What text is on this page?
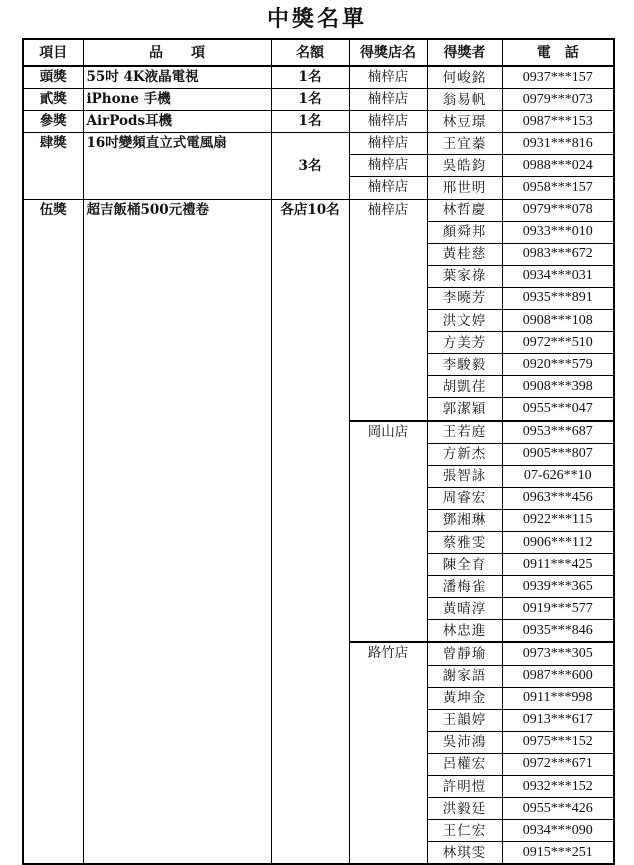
中獎名單
項目	品　　項	名額	得獎店名	得獎者	電　話
頭獎	55吋 4K液晶電視	1名	楠梓店	何峻銘	0937***157
貳獎	iPhone 手機	1名	楠梓店	翁易帆	0979***073
參獎	AirPods耳機	1名	楠梓店	林豆璟	0987***153
肆獎	16吋變頻直立式電風扇	3名	楠梓店	王宜蓁	0931***816
			楠梓店	吳皓鈞	0988***024
			楠梓店	邢世明	0958***157
伍獎	超吉飯桶500元禮卷	各店10名	楠梓店	林哲慶	0979***078
				顏舜邦	0933***010
				黃桂慈	0983***672
				葉家祿	0934***031
				李曉芳	0935***891
				洪文婷	0908***108
				方美芳	0972***510
				李駿毅	0920***579
				胡凱荏	0908***398
				郭潔穎	0955***047
			岡山店	王若庭	0953***687
				方新杰	0905***807
				張智詠	07-626**10
				周睿宏	0963***456
				鄧湘琳	0922***115
				蔡雅雯	0906***112
				陳全育	0911***425
				潘梅雀	0939***365
				黃晴淳	0919***577
				林忠進	0935***846
			路竹店	曾靜瑜	0973***305
				謝家語	0987***600
				黃坤金	0911***998
				王韻婷	0913***617
				吳沛鴻	0975***152
				呂權宏	0972***671
				許明愷	0932***152
				洪毅廷	0955***426
				王仁宏	0934***090
				林琪雯	0915***251
